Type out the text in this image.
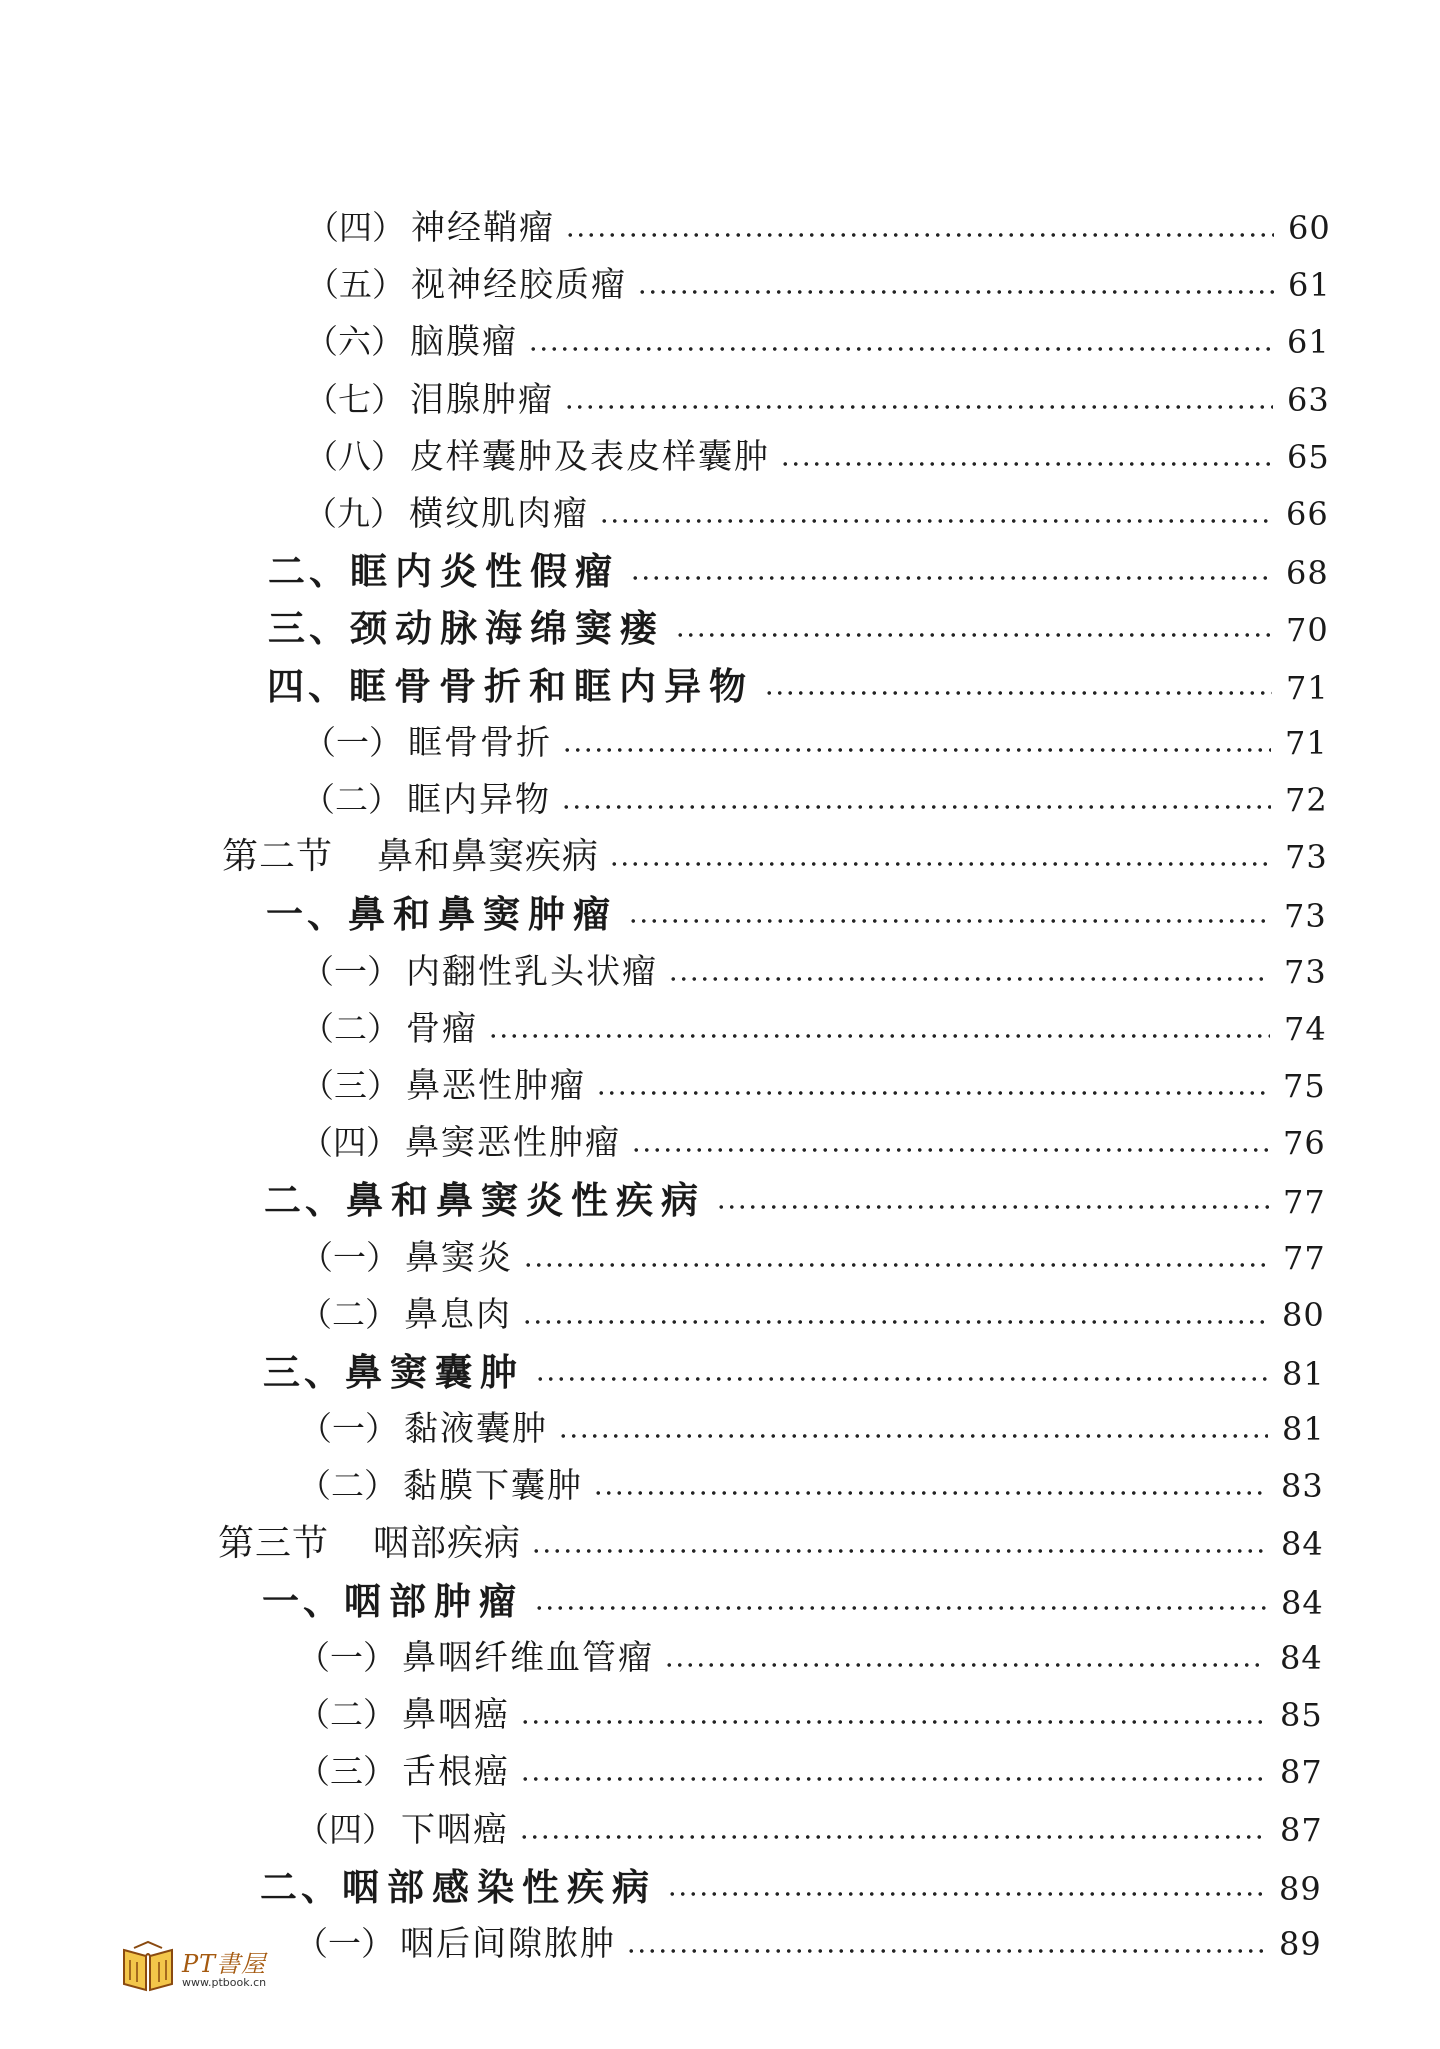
（四） 神经鞘瘤	60
（五） 视神经胶质瘤	61
（六） 脑膜瘤	61
（七） 泪腺肿瘤	63
（八） 皮样囊肿及表皮样囊肿	65
（九） 横纹肌肉瘤	66
二、 眶内炎性假瘤	68
三、 颈动脉海绵窦瘘	70
四、 眶骨骨折和眶内异物	71
（一） 眶骨骨折	71
（二） 眶内异物	72
第二节 鼻和鼻窦疾病	73
一、 鼻和鼻窦肿瘤	73
（一） 内翻性乳头状瘤	73
（二） 骨瘤	74
（三） 鼻恶性肿瘤	75
（四） 鼻窦恶性肿瘤	76
二、 鼻和鼻窦炎性疾病	77
（一） 鼻窦炎	77
（二） 鼻息肉	80
三、 鼻窦囊肿	81
（一） 黏液囊肿	81
（二） 黏膜下囊肿	83
第三节 咽部疾病	84
一、 咽部肿瘤	84
（一） 鼻咽纤维血管瘤	84
（二） 鼻咽癌	85
（三） 舌根癌	87
（四） 下咽癌	87
二、 咽部感染性疾病	89
（一） 咽后间隙脓肿	89
PT書屋
www.ptbook.cn
